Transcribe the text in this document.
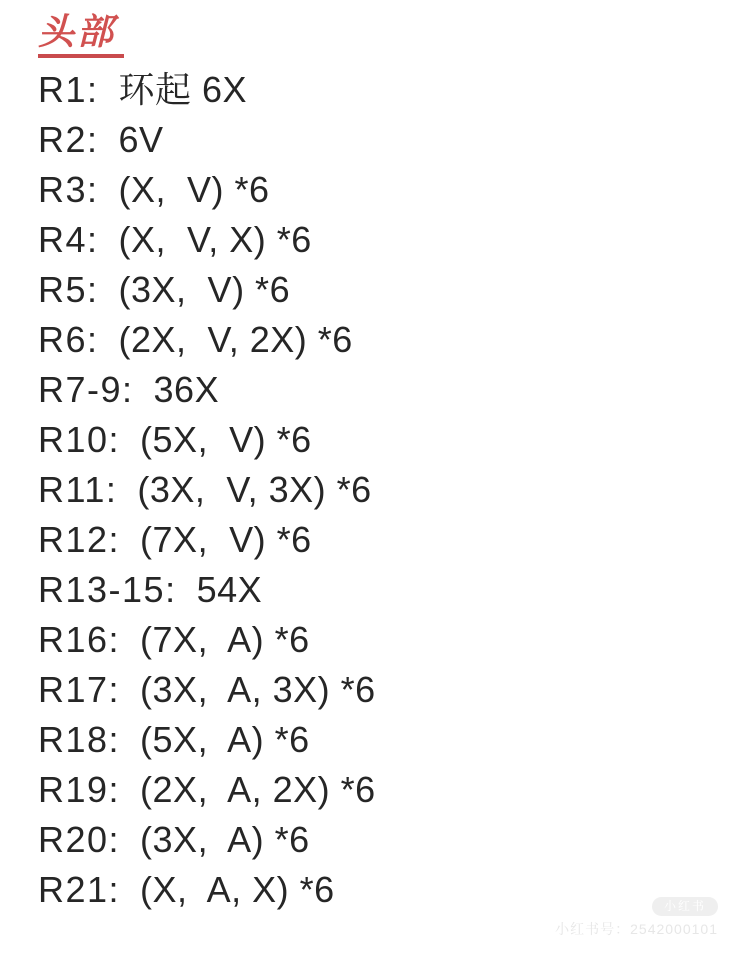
头部
R1: 环起 6X
R2: 6V
R3: (X,  V) *6
R4: (X,  V, X) *6
R5: (3X,  V) *6
R6: (2X,  V, 2X) *6
R7-9: 36X
R10: (5X,  V) *6
R11: (3X,  V, 3X) *6
R12: (7X,  V) *6
R13-15: 54X
R16: (7X,  A) *6
R17: (3X,  A, 3X) *6
R18: (5X,  A) *6
R19: (2X,  A, 2X) *6
R20: (3X,  A) *6
R21: (X,  A, X) *6	小红书
小红书号：2542000101
